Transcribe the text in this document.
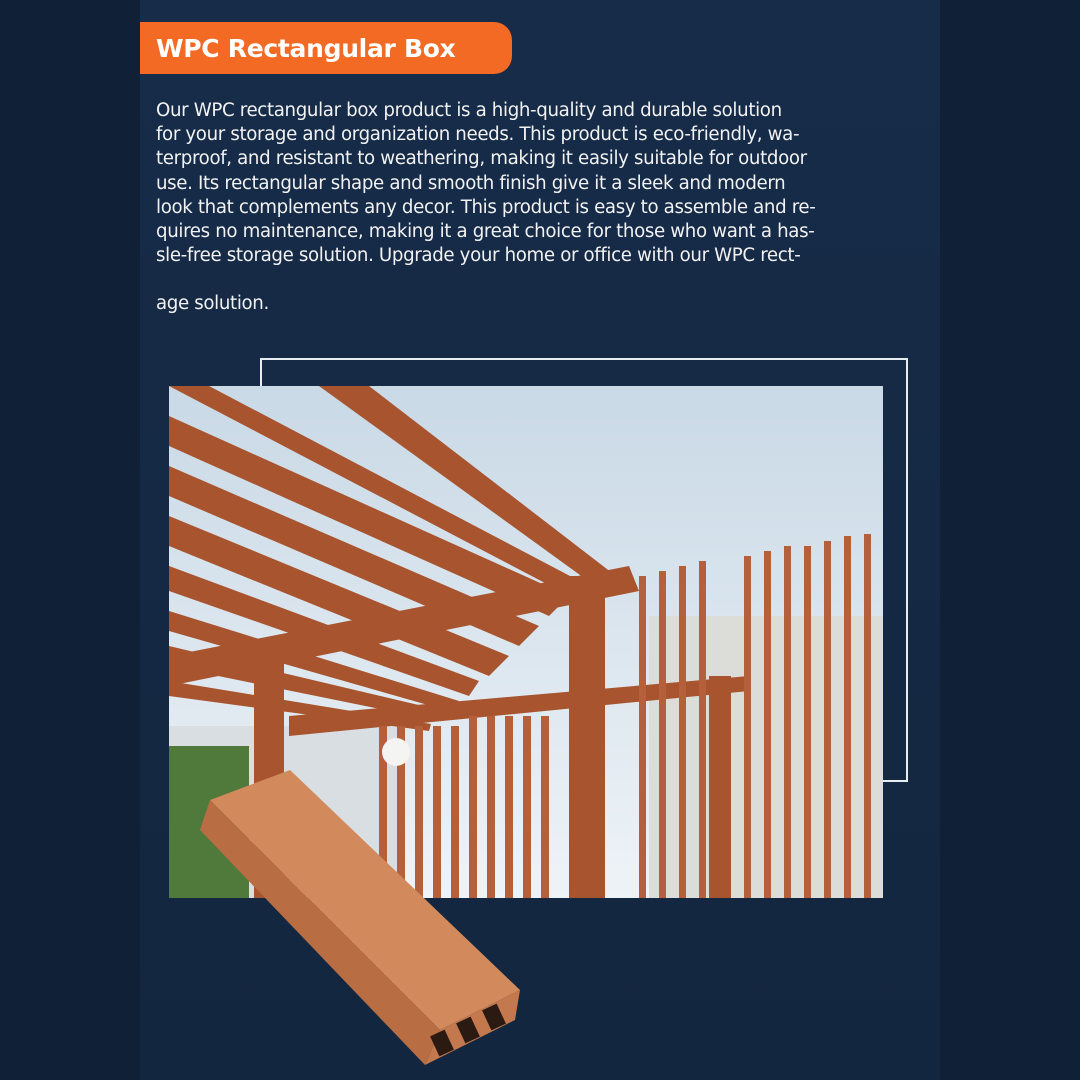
WPC Rectangular Box
Our WPC rectangular box product is a high-quality and durable solution
for your storage and organization needs. This product is eco-friendly, wa-
terproof, and resistant to weathering, making it easily suitable for outdoor
use. Its rectangular shape and smooth finish give it a sleek and modern
look that complements any decor. This product is easy to assemble and re-
quires no maintenance, making it a great choice for those who want a has-
sle-free storage solution. Upgrade your home or office with our WPC rect-
age solution.
